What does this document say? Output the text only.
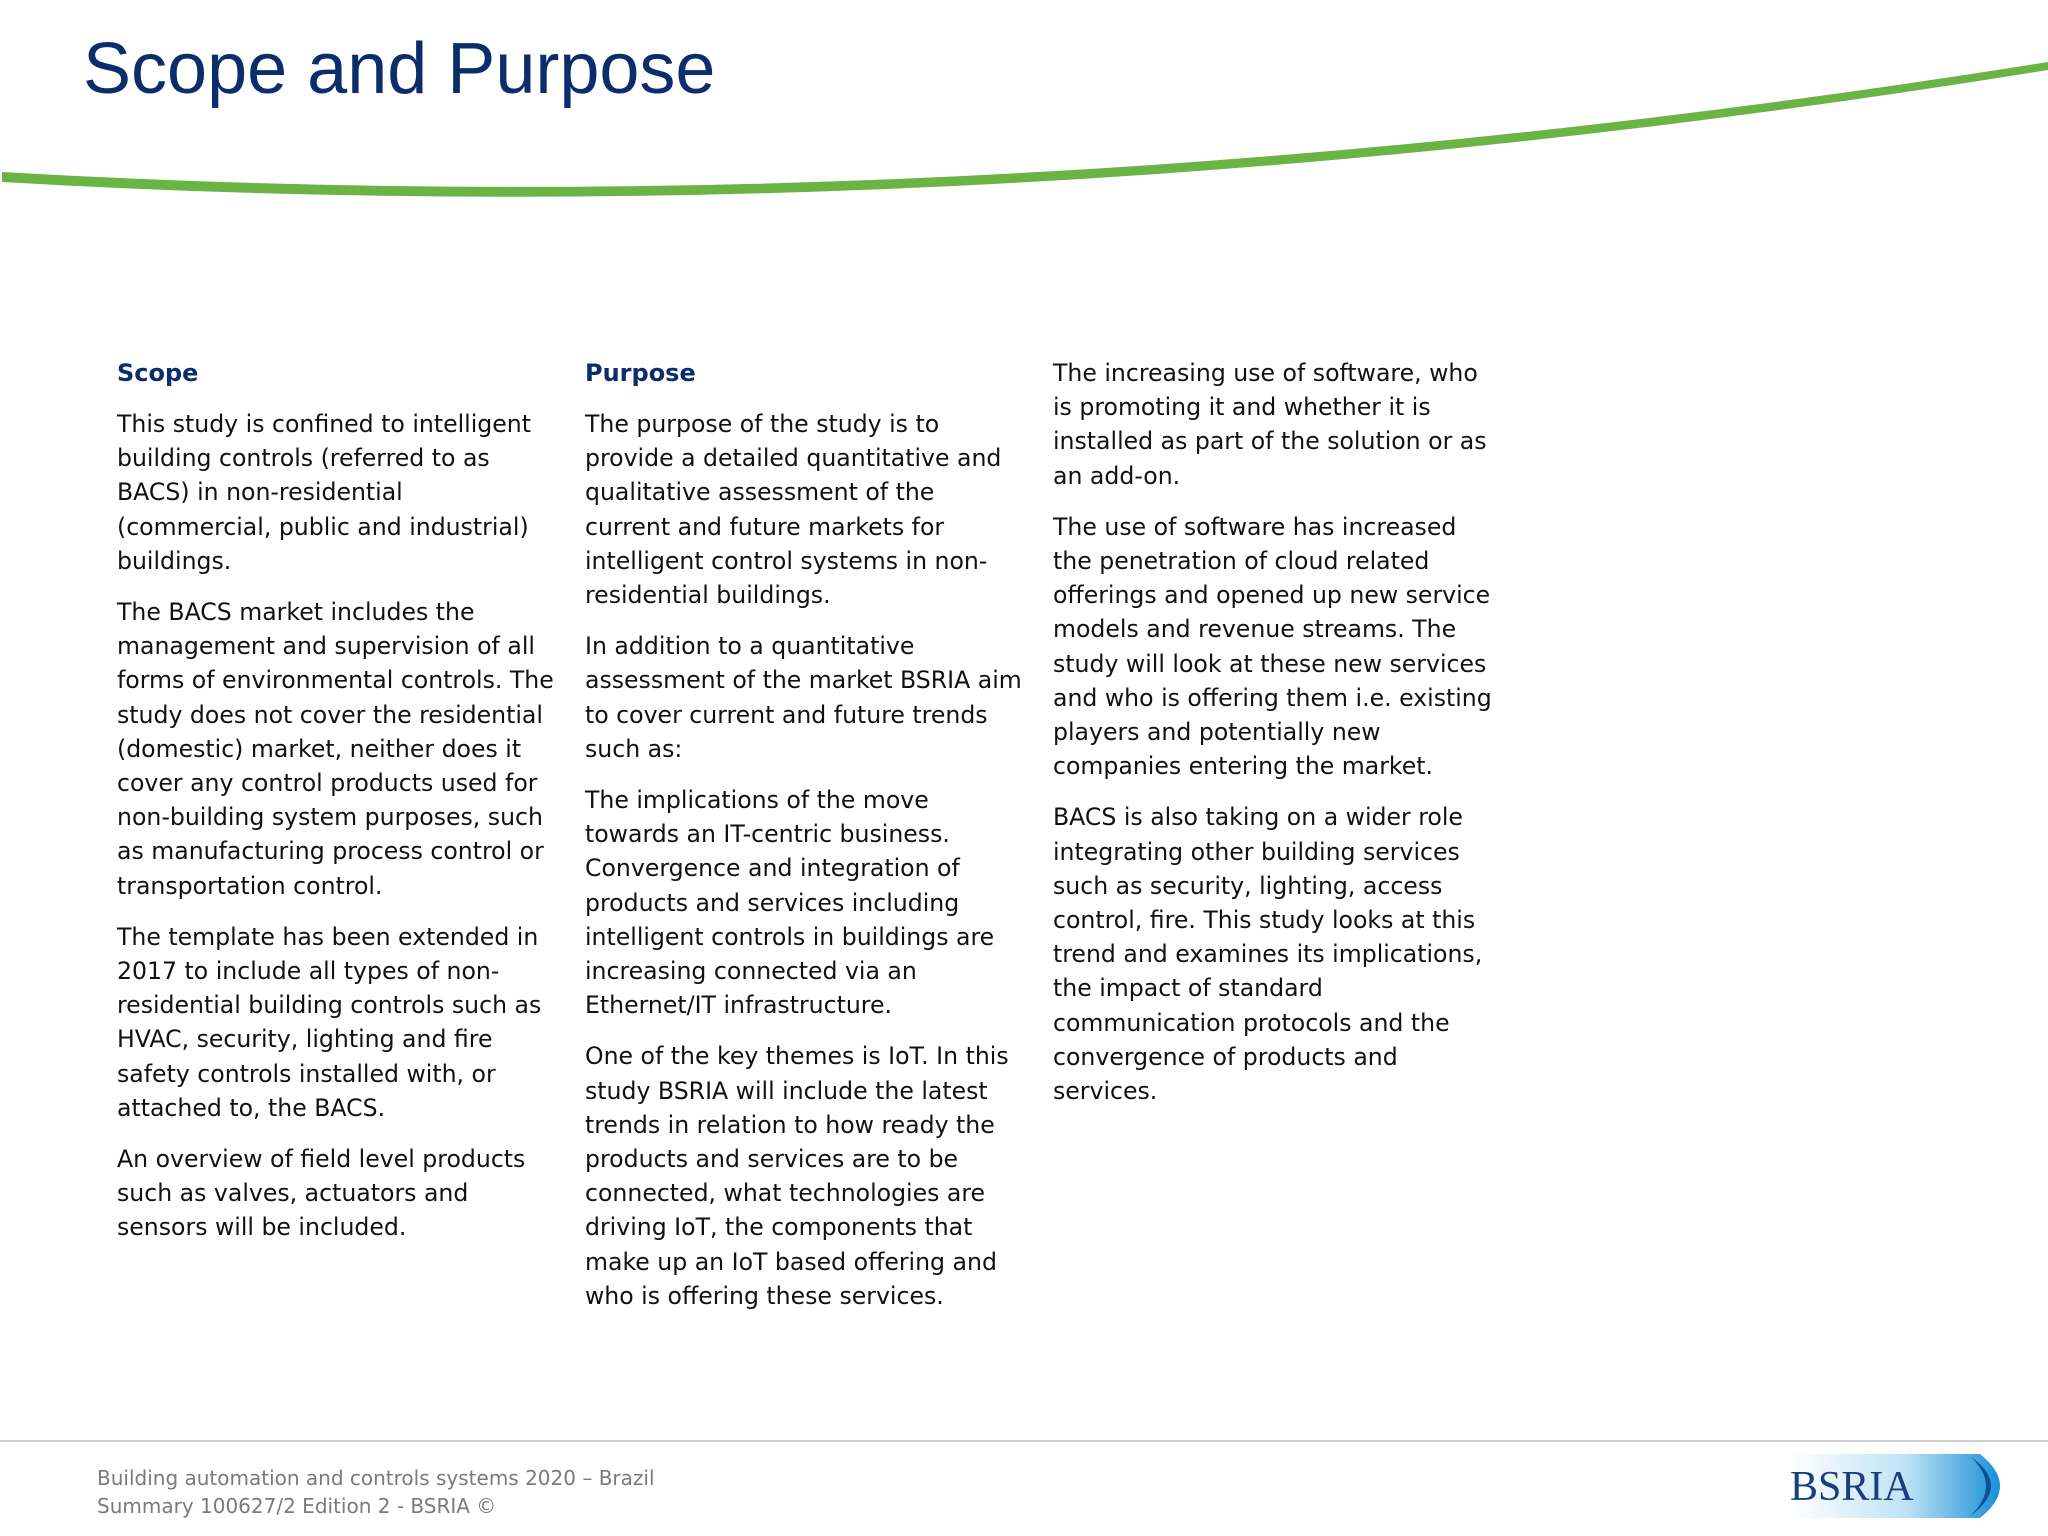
Scope and Purpose
Scope

This study is confined to intelligent building controls (referred to as BACS) in non-residential (commercial, public and industrial) buildings.

The BACS market includes the management and supervision of all forms of environmental controls. The study does not cover the residential (domestic) market, neither does it cover any control products used for non-building system purposes, such as manufacturing process control or transportation control.

The template has been extended in 2017 to include all types of non-residential building controls such as HVAC, security, lighting and fire safety controls installed with, or attached to, the BACS.

An overview of field level products such as valves, actuators and sensors will be included.

Purpose

The purpose of the study is to provide a detailed quantitative and qualitative assessment of the current and future markets for intelligent control systems in non-residential buildings.

In addition to a quantitative assessment of the market BSRIA aim to cover current and future trends such as:

The implications of the move towards an IT-centric business. Convergence and integration of products and services including intelligent controls in buildings are increasing connected via an Ethernet/IT infrastructure.

One of the key themes is IoT. In this study BSRIA will include the latest trends in relation to how ready the products and services are to be connected, what technologies are driving IoT, the components that make up an IoT based offering and who is offering these services.

The increasing use of software, who is promoting it and whether it is installed as part of the solution or as an add-on.

The use of software has increased the penetration of cloud related offerings and opened up new service models and revenue streams. The study will look at these new services and who is offering them i.e. existing players and potentially new companies entering the market.

BACS is also taking on a wider role integrating other building services such as security, lighting, access control, fire. This study looks at this trend and examines its implications, the impact of standard communication protocols and the convergence of products and services.

Building automation and controls systems 2020 – Brazil
Summary 100627/2 Edition 2 - BSRIA ©	BSRIA
